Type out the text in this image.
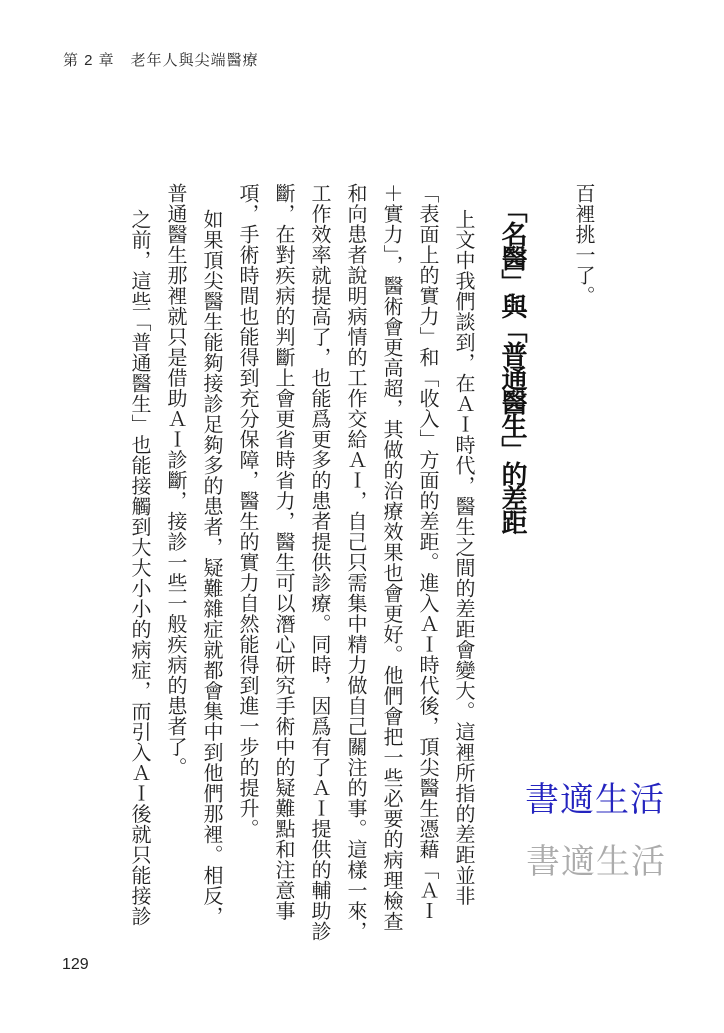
第 2 章　老年人與尖端醫療

百裡挑一了。

「名醫」與「普通醫生」的差距

上文中我們談到，在ＡＩ時代，醫生之間的差距會變大。這裡所指的差距並非

「表面上的實力」和「收入」方面的差距。進入ＡＩ時代後，頂尖醫生憑藉「ＡＩ

＋實力」，醫術會更高超，其做的治療效果也會更好。他們會把一些必要的病理檢查

和向患者說明病情的工作交給ＡＩ，自己只需集中精力做自己關注的事。這樣一來，

工作效率就提高了，也能爲更多的患者提供診療。同時，因爲有了ＡＩ提供的輔助診

斷，在對疾病的判斷上會更省時省力，醫生可以潛心研究手術中的疑難點和注意事

項，手術時間也能得到充分保障，醫生的實力自然能得到進一步的提升。

如果頂尖醫生能夠接診足夠多的患者，疑難雜症就都會集中到他們那裡。相反，

普通醫生那裡就只是借助ＡＩ診斷，接診一些一般疾病的患者了。

之前，這些「普通醫生」也能接觸到大大小小的病症，而引入ＡＩ後就只能接診	書適生活
書適生活
129
